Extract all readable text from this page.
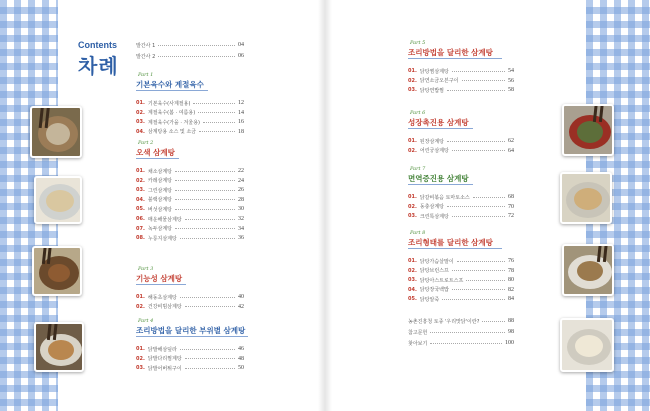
Contents
차례
발간사 1	04
발간사 2	06
Part 1
기본육수와 계절육수
01. 기본육수(사계절용)	12
02. 계절육수(봄 · 여름용)	14
03. 계절육수(가을 · 겨울용)	16
04. 삼계탕용 소스 및 소금	18
Part 2
오색 삼계탕
01. 채소삼계탕	22
02. 카레삼계탕	24
03. 그린삼계탕	26
04. 블랙삼계탕	28
05. 버섯삼계탕	30
06. 매운해물삼계탕	32
07. 녹두삼계탕	34
08. 누룽지삼계탕	36
Part 3
기능성 삼계탕
01. 해동초삼계탕	40
02. 건강비빔삼계탕	42
Part 4
조리방법을 달리한 부위별 삼계탕
01. 닭발해삼덮라	46
02. 닭발다리찜계탕	48
03. 닭발어버튀구이	50
Part 5
조리방법을 달리한 삼계탕
01. 닭탕찜삼계탕	54
02. 닭연소금오븐구이	56
03. 닭탕연밥찜	58
Part 6
성장촉진용 삼계탕
01. 된장삼계탕	62
02. 어린궁삼계탕	64
Part 7
면역증진용 삼계탕
01. 닭갈비볶음 토마토소스	68
02. 동충삼계탕	70
03. 크린톡삼계탕	72
Part 8
조리형태를 달리한 삼계탕
01. 닭탕가슴살말이	76
02. 닭탕브런스프	78
03. 닭탕아스트로트스프	80
04. 닭탕장국백밥	82
05. 닭탕알죽	84
농촌진흥청 토종 '우리맛닭'이란?	88
참고문헌	98
찾아보기	100
